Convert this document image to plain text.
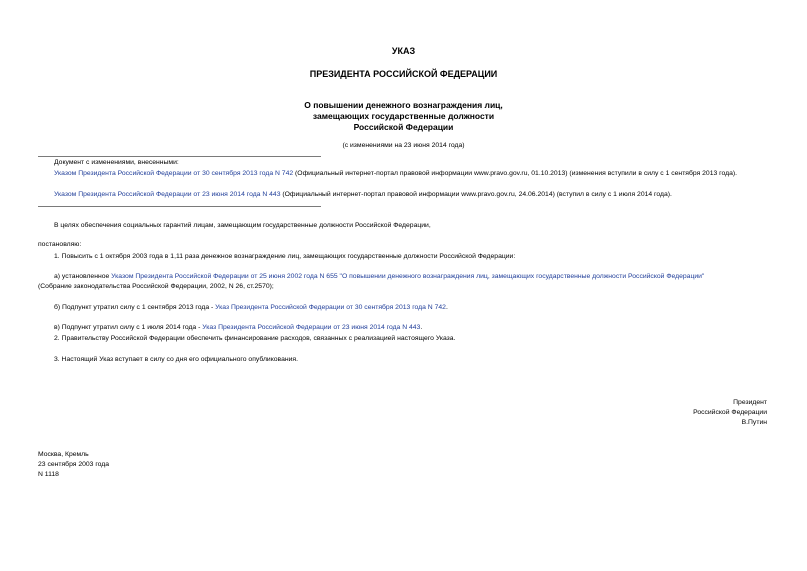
УКАЗ
ПРЕЗИДЕНТА РОССИЙСКОЙ ФЕДЕРАЦИИ
О повышении денежного вознаграждения лиц,
замещающих государственные должности
Российской Федерации
(с изменениями на 23 июня 2014 года)
Документ с изменениями, внесенными:
Указом Президента Российской Федерации от 30 сентября 2013 года N 742 (Официальный интернет-портал правовой информации www.pravo.gov.ru, 01.10.2013) (изменения вступили в силу с 1 сентября 2013 года).
Указом Президента Российской Федерации от 23 июня 2014 года N 443 (Официальный интернет-портал правовой информации www.pravo.gov.ru, 24.06.2014) (вступил в силу с 1 июля 2014 года).
В целях обеспечения социальных гарантий лицам, замещающим государственные должности Российской Федерации,
постановляю:
1. Повысить с 1 октября 2003 года в 1,11 раза денежное вознаграждение лиц, замещающих государственные должности Российской Федерации:
а) установленное Указом Президента Российской Федерации от 25 июня 2002 года N 655 "О повышении денежного вознаграждения лиц, замещающих государственные должности Российской Федерации"
(Собрание законодательства Российской Федерации, 2002, N 26, ст.2570);
б) Подпункт утратил силу с 1 сентября 2013 года - Указ Президента Российской Федерации от 30 сентября 2013 года N 742.
в) Подпункт утратил силу с 1 июля 2014 года - Указ Президента Российской Федерации от 23 июня 2014 года N 443.
2. Правительству Российской Федерации обеспечить финансирование расходов, связанных с реализацией настоящего Указа.
3. Настоящий Указ вступает в силу со дня его официального опубликования.
Президент
Российской Федерации
В.Путин
Москва, Кремль
23 сентября 2003 года
N 1118
